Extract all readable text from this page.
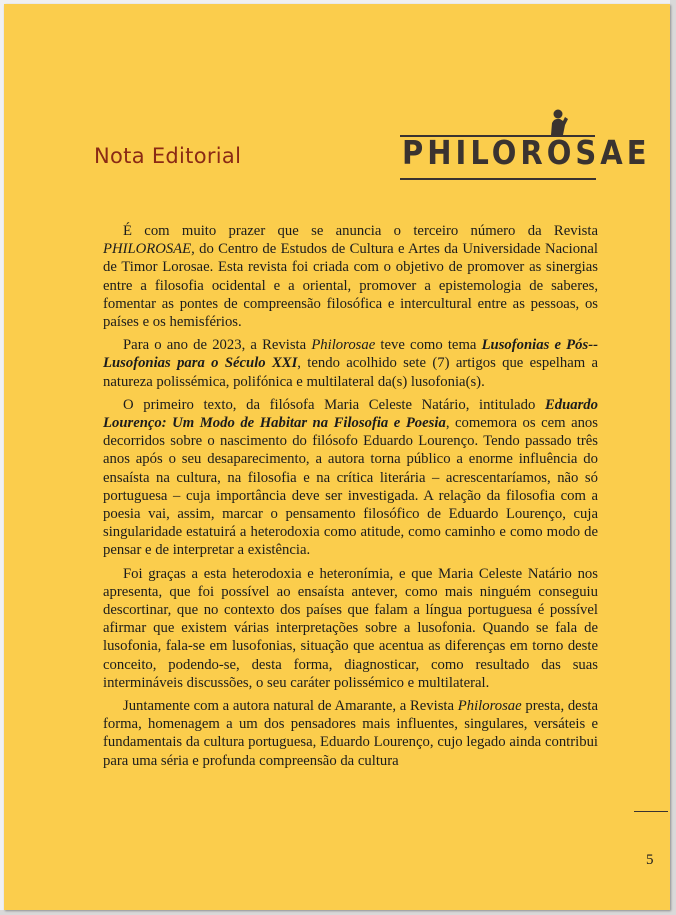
Nota Editorial	PHILOROSAE

É com muito prazer que se anuncia o terceiro número da Revista PHILOROSAE, do Centro de Estudos de Cultura e Artes da Universidade Nacional de Timor Lorosae. Esta revista foi criada com o objetivo de promover as sinergias entre a filosofia ocidental e a oriental, promover a epistemologia de saberes, fomentar as pontes de compreensão filosófica e intercultural entre as pessoas, os países e os hemisférios.

Para o ano de 2023, a Revista Philorosae teve como tema Lusofonias e Pós--Lusofonias para o Século XXI, tendo acolhido sete (7) artigos que espelham a natureza polissémica, polifónica e multilateral da(s) lusofonia(s).

O primeiro texto, da filósofa Maria Celeste Natário, intitulado Eduardo Lourenço: Um Modo de Habitar na Filosofia e Poesia, comemora os cem anos decorridos sobre o nascimento do filósofo Eduardo Lourenço. Tendo passado três anos após o seu desaparecimento, a autora torna público a enorme influência do ensaísta na cultura, na filosofia e na crítica literária – acrescentaríamos, não só portuguesa – cuja importância deve ser investigada. A relação da filosofia com a poesia vai, assim, marcar o pensamento filosófico de Eduardo Lourenço, cuja singularidade estatuirá a heterodoxia como atitude, como caminho e como modo de pensar e de interpretar a existência.

Foi graças a esta heterodoxia e heteronímia, e que Maria Celeste Natário nos apresenta, que foi possível ao ensaísta antever, como mais ninguém conseguiu descortinar, que no contexto dos países que falam a língua portuguesa é possível afirmar que existem várias interpretações sobre a lusofonia. Quando se fala de lusofonia, fala-se em lusofonias, situação que acentua as diferenças em torno deste conceito, podendo-se, desta forma, diagnosticar, como resultado das suas intermináveis discussões, o seu caráter polissémico e multilateral.

Juntamente com a autora natural de Amarante, a Revista Philorosae presta, desta forma, homenagem a um dos pensadores mais influentes, singulares, versáteis e fundamentais da cultura portuguesa, Eduardo Lourenço, cujo legado ainda contribui para uma séria e profunda compreensão da cultura

5
